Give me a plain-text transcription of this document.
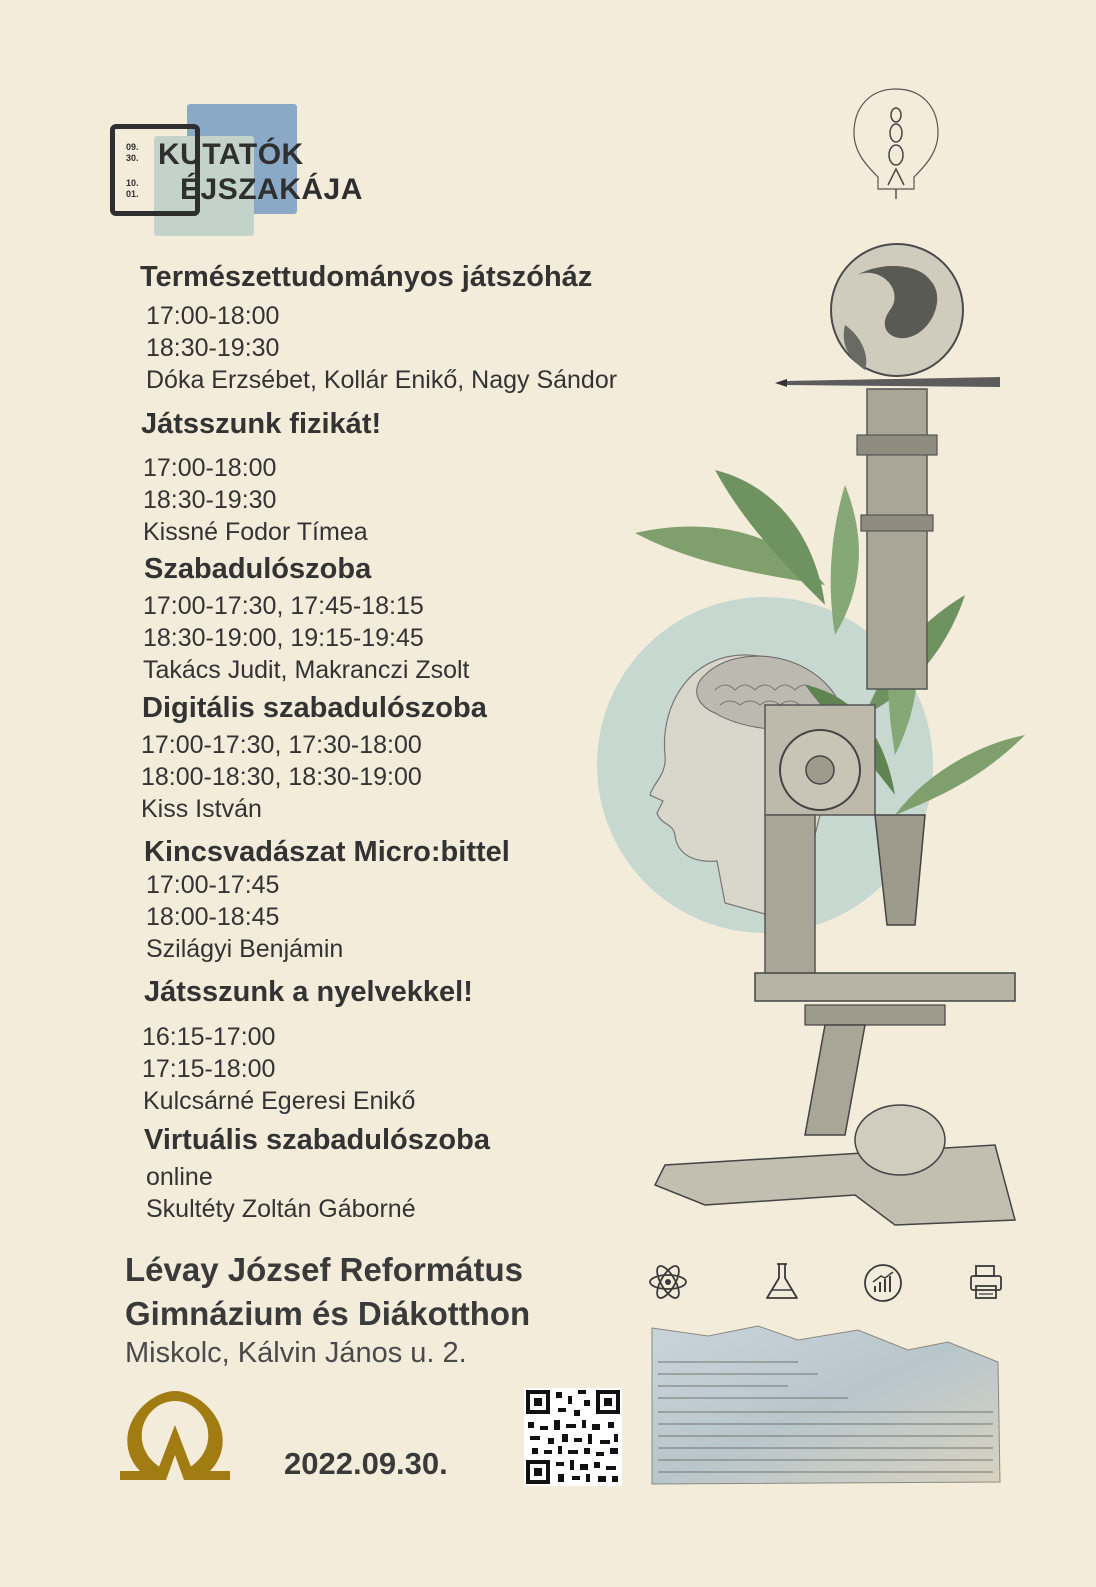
09.
30.
10.
01.
KUTATÓK
ÉJSZAKÁJA
Természettudományos játszóház
17:00-18:00
18:30-19:30
Dóka Erzsébet, Kollár Enikő, Nagy Sándor
Játsszunk fizikát!
17:00-18:00
18:30-19:30
Kissné Fodor Tímea
Szabadulószoba
17:00-17:30, 17:45-18:15
18:30-19:00, 19:15-19:45
Takács Judit, Makranczi Zsolt
Digitális szabadulószoba
17:00-17:30, 17:30-18:00
18:00-18:30, 18:30-19:00
Kiss István
Kincsvadászat Micro:bittel
17:00-17:45
18:00-18:45
Szilágyi Benjámin
Játsszunk a nyelvekkel!
16:15-17:00
17:15-18:00
Kulcsárné Egeresi Enikő
Virtuális szabadulószoba
online
Skultéty Zoltán Gáborné
Lévay József Református
Gimnázium és Diákotthon
Miskolc, Kálvin János u. 2.
2022.09.30.
